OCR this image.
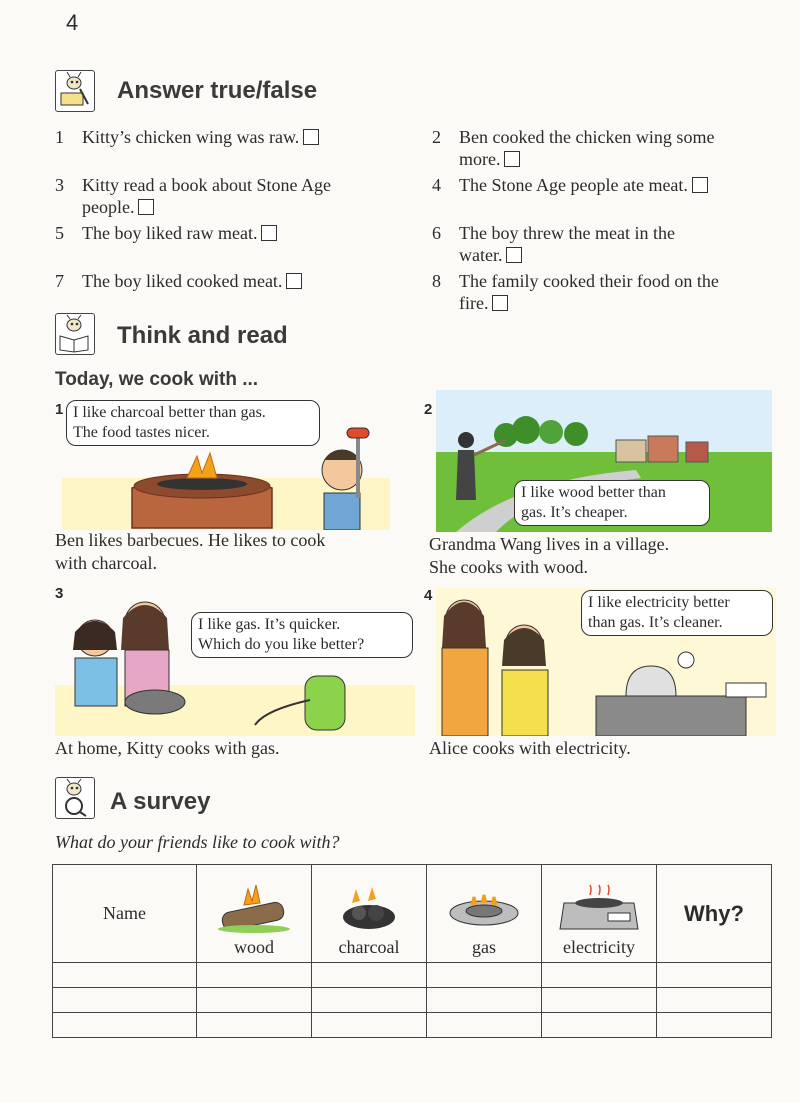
4
Answer true/false
1	Kitty’s chicken wing was raw.	2	Ben cooked the chicken wing some
more.
3	Kitty read a book about Stone Age
people.
4	The Stone Age people ate meat.
5	The boy liked raw meat.	6	The boy threw the meat in the
water.
7	The boy liked cooked meat.	8	The family cooked their food on the
fire.
Think and read
Today, we cook with ...
1 I like charcoal better than gas.
The food tastes nicer.
Ben likes barbecues. He likes to cook
with charcoal.
2
I like wood better than
gas. It’s cheaper.
Grandma Wang lives in a village.
She cooks with wood.
3
I like gas. It’s quicker.
Which do you like better?
At home, Kitty cooks with gas.
4	I like electricity better
than gas. It’s cleaner.
Alice cooks with electricity.
A survey
What do your friends like to cook with?
Name	wood	charcoal	gas	electricity	Why?
